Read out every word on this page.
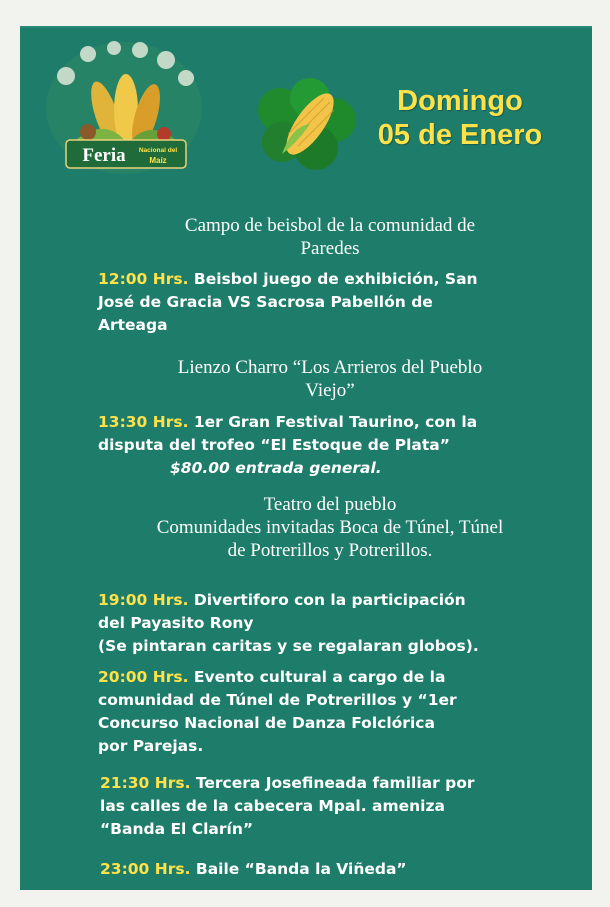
Feria Nacional del
Maíz
Domingo
05 de Enero
Campo de beisbol de la comunidad de
Paredes
12:00 Hrs. Beisbol juego de exhibición, San
José de Gracia VS Sacrosa Pabellón de
Arteaga
Lienzo Charro “Los Arrieros del Pueblo
Viejo”
13:30 Hrs. 1er Gran Festival Taurino, con la
disputa del trofeo “El Estoque de Plata”
$80.00 entrada general.
Teatro del pueblo
Comunidades invitadas Boca de Túnel, Túnel
de Potrerillos y Potrerillos.
19:00 Hrs. Divertiforo con la participación
del Payasito Rony
(Se pintaran caritas y se regalaran globos).
20:00 Hrs. Evento cultural a cargo de la
comunidad de Túnel de Potrerillos y “1er
Concurso Nacional de Danza Folclórica
por Parejas.
21:30 Hrs. Tercera Josefineada familiar por
las calles de la cabecera Mpal. ameniza
“Banda El Clarín”
23:00 Hrs. Baile “Banda la Viñeda”
